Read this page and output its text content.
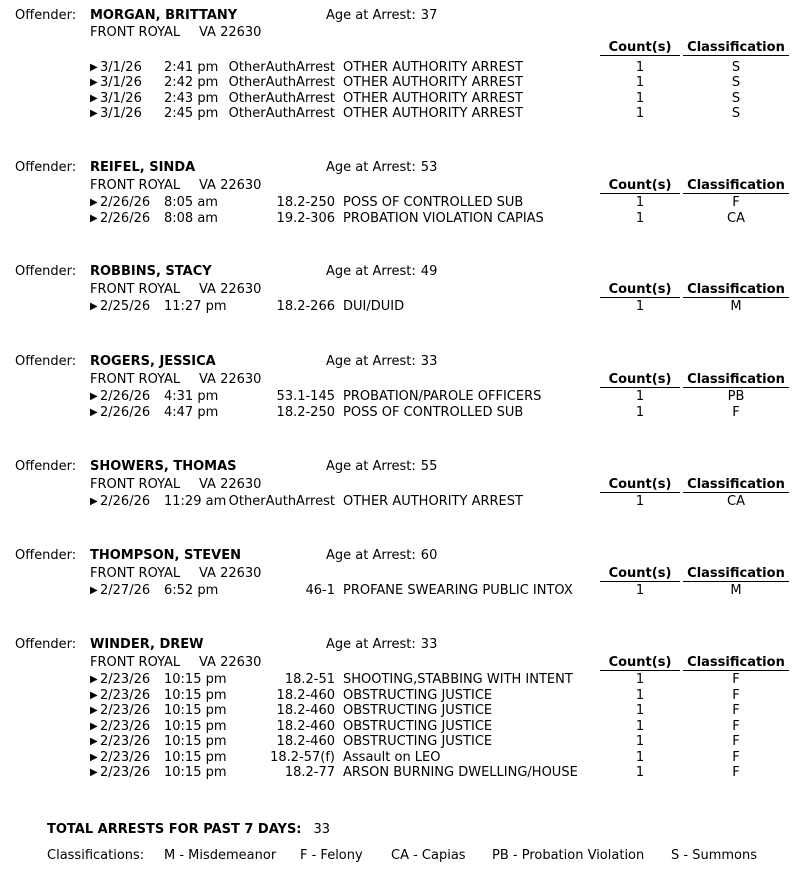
Offender: MORGAN, BRITTANY	Age at Arrest: 37
FRONT ROYAL VA 22630
Count(s)	Classification
▶ 3/1/26 2:41 pm OtherAuthArrest OTHER AUTHORITY ARREST	1	S
▶ 3/1/26 2:42 pm OtherAuthArrest OTHER AUTHORITY ARREST	1	S
▶ 3/1/26 2:43 pm OtherAuthArrest OTHER AUTHORITY ARREST	1	S
▶ 3/1/26 2:45 pm OtherAuthArrest OTHER AUTHORITY ARREST	1	S
Offender: REIFEL, SINDA	Age at Arrest: 53
FRONT ROYAL VA 22630	Count(s)	Classification
▶ 2/26/26 8:05 am	18.2-250 POSS OF CONTROLLED SUB	1	F
▶ 2/26/26 8:08 am	19.2-306 PROBATION VIOLATION CAPIAS	1	CA
Offender: ROBBINS, STACY	Age at Arrest: 49
FRONT ROYAL VA 22630	Count(s)	Classification
▶ 2/25/26 11:27 pm	18.2-266 DUI/DUID	1	M
Offender: ROGERS, JESSICA	Age at Arrest: 33
FRONT ROYAL VA 22630	Count(s)	Classification
▶ 2/26/26 4:31 pm	53.1-145 PROBATION/PAROLE OFFICERS	1	PB
▶ 2/26/26 4:47 pm	18.2-250 POSS OF CONTROLLED SUB	1	F
Offender: SHOWERS, THOMAS	Age at Arrest: 55
FRONT ROYAL VA 22630	Count(s)	Classification
▶ 2/26/26 11:29 am OtherAuthArrest OTHER AUTHORITY ARREST	1	CA
Offender: THOMPSON, STEVEN	Age at Arrest: 60
FRONT ROYAL VA 22630	Count(s)	Classification
▶ 2/27/26 6:52 pm	46-1 PROFANE SWEARING PUBLIC INTOX	1	M
Offender: WINDER, DREW	Age at Arrest: 33
FRONT ROYAL VA 22630	Count(s)	Classification
▶ 2/23/26 10:15 pm	18.2-51 SHOOTING,STABBING WITH INTENT	1	F
▶ 2/23/26 10:15 pm	18.2-460 OBSTRUCTING JUSTICE	1	F
▶ 2/23/26 10:15 pm	18.2-460 OBSTRUCTING JUSTICE	1	F
▶ 2/23/26 10:15 pm	18.2-460 OBSTRUCTING JUSTICE	1	F
▶ 2/23/26 10:15 pm	18.2-460 OBSTRUCTING JUSTICE	1	F
▶ 2/23/26 10:15 pm	18.2-57(f) Assault on LEO	1	F
▶ 2/23/26 10:15 pm	18.2-77 ARSON BURNING DWELLING/HOUSE	1	F
TOTAL ARRESTS FOR PAST 7 DAYS: 33
Classifications: M - Misdemeanor F - Felony CA - Capias PB - Probation Violation S - Summons
